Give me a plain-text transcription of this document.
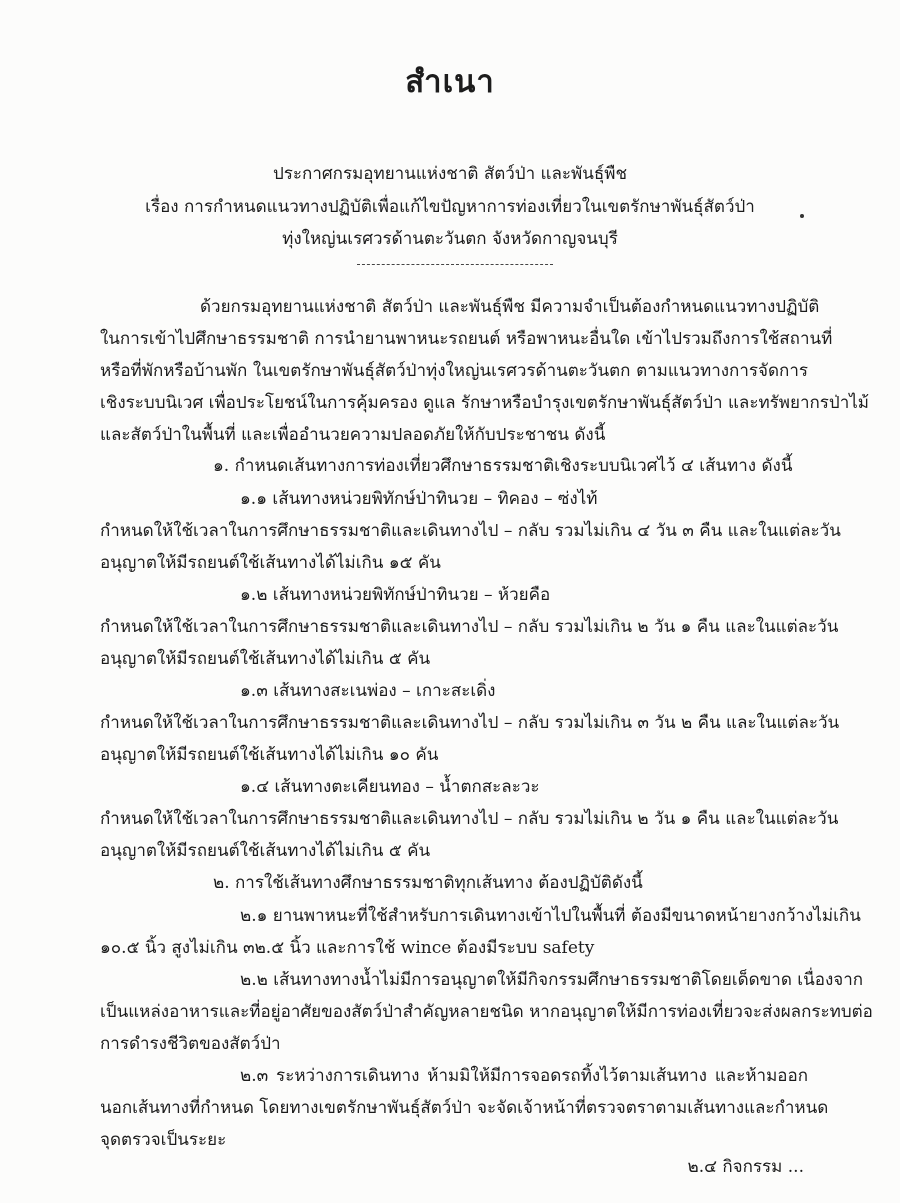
สำเนา
ประกาศกรมอุทยานแห่งชาติ สัตว์ป่า และพันธุ์พืช
เรื่อง การกำหนดแนวทางปฏิบัติเพื่อแก้ไขปัญหาการท่องเที่ยวในเขตรักษาพันธุ์สัตว์ป่า
ทุ่งใหญ่นเรศวรด้านตะวันตก จังหวัดกาญจนบุรี
ด้วยกรมอุทยานแห่งชาติ สัตว์ป่า และพันธุ์พืช มีความจำเป็นต้องกำหนดแนวทางปฏิบัติ
ในการเข้าไปศึกษาธรรมชาติ การนำยานพาหนะรถยนต์ หรือพาหนะอื่นใด เข้าไปรวมถึงการใช้สถานที่
หรือที่พักหรือบ้านพัก ในเขตรักษาพันธุ์สัตว์ป่าทุ่งใหญ่นเรศวรด้านตะวันตก ตามแนวทางการจัดการ
เชิงระบบนิเวศ เพื่อประโยชน์ในการคุ้มครอง ดูแล รักษาหรือบำรุงเขตรักษาพันธุ์สัตว์ป่า และทรัพยากรป่าไม้
และสัตว์ป่าในพื้นที่ และเพื่ออำนวยความปลอดภัยให้กับประชาชน ดังนี้
๑. กำหนดเส้นทางการท่องเที่ยวศึกษาธรรมชาติเชิงระบบนิเวศไว้ ๔ เส้นทาง ดังนี้
๑.๑ เส้นทางหน่วยพิทักษ์ป่าทินวย – ทิคอง – ซ่งไท้
กำหนดให้ใช้เวลาในการศึกษาธรรมชาติและเดินทางไป – กลับ รวมไม่เกิน ๔ วัน ๓ คืน และในแต่ละวัน
อนุญาตให้มีรถยนต์ใช้เส้นทางได้ไม่เกิน ๑๕ คัน
๑.๒ เส้นทางหน่วยพิทักษ์ป่าทินวย – ห้วยคือ
กำหนดให้ใช้เวลาในการศึกษาธรรมชาติและเดินทางไป – กลับ รวมไม่เกิน ๒ วัน ๑ คืน และในแต่ละวัน
อนุญาตให้มีรถยนต์ใช้เส้นทางได้ไม่เกิน ๕ คัน
๑.๓ เส้นทางสะเนพ่อง – เกาะสะเดิ่ง
กำหนดให้ใช้เวลาในการศึกษาธรรมชาติและเดินทางไป – กลับ รวมไม่เกิน ๓ วัน ๒ คืน และในแต่ละวัน
อนุญาตให้มีรถยนต์ใช้เส้นทางได้ไม่เกิน ๑๐ คัน
๑.๔ เส้นทางตะเคียนทอง – น้ำตกสะละวะ
กำหนดให้ใช้เวลาในการศึกษาธรรมชาติและเดินทางไป – กลับ รวมไม่เกิน ๒ วัน ๑ คืน และในแต่ละวัน
อนุญาตให้มีรถยนต์ใช้เส้นทางได้ไม่เกิน ๕ คัน
๒. การใช้เส้นทางศึกษาธรรมชาติทุกเส้นทาง ต้องปฏิบัติดังนี้
๒.๑ ยานพาหนะที่ใช้สำหรับการเดินทางเข้าไปในพื้นที่ ต้องมีขนาดหน้ายางกว้างไม่เกิน
๑๐.๕ นิ้ว สูงไม่เกิน ๓๒.๕ นิ้ว และการใช้ wince ต้องมีระบบ safety
๒.๒ เส้นทางทางน้ำไม่มีการอนุญาตให้มีกิจกรรมศึกษาธรรมชาติโดยเด็ดขาด เนื่องจาก
เป็นแหล่งอาหารและที่อยู่อาศัยของสัตว์ป่าสำคัญหลายชนิด หากอนุญาตให้มีการท่องเที่ยวจะส่งผลกระทบต่อ
การดำรงชีวิตของสัตว์ป่า
๒.๓ ระหว่างการเดินทาง ห้ามมิให้มีการจอดรถทิ้งไว้ตามเส้นทาง และห้ามออก
นอกเส้นทางที่กำหนด โดยทางเขตรักษาพันธุ์สัตว์ป่า จะจัดเจ้าหน้าที่ตรวจตราตามเส้นทางและกำหนด
จุดตรวจเป็นระยะ
๒.๔ กิจกรรม ...
